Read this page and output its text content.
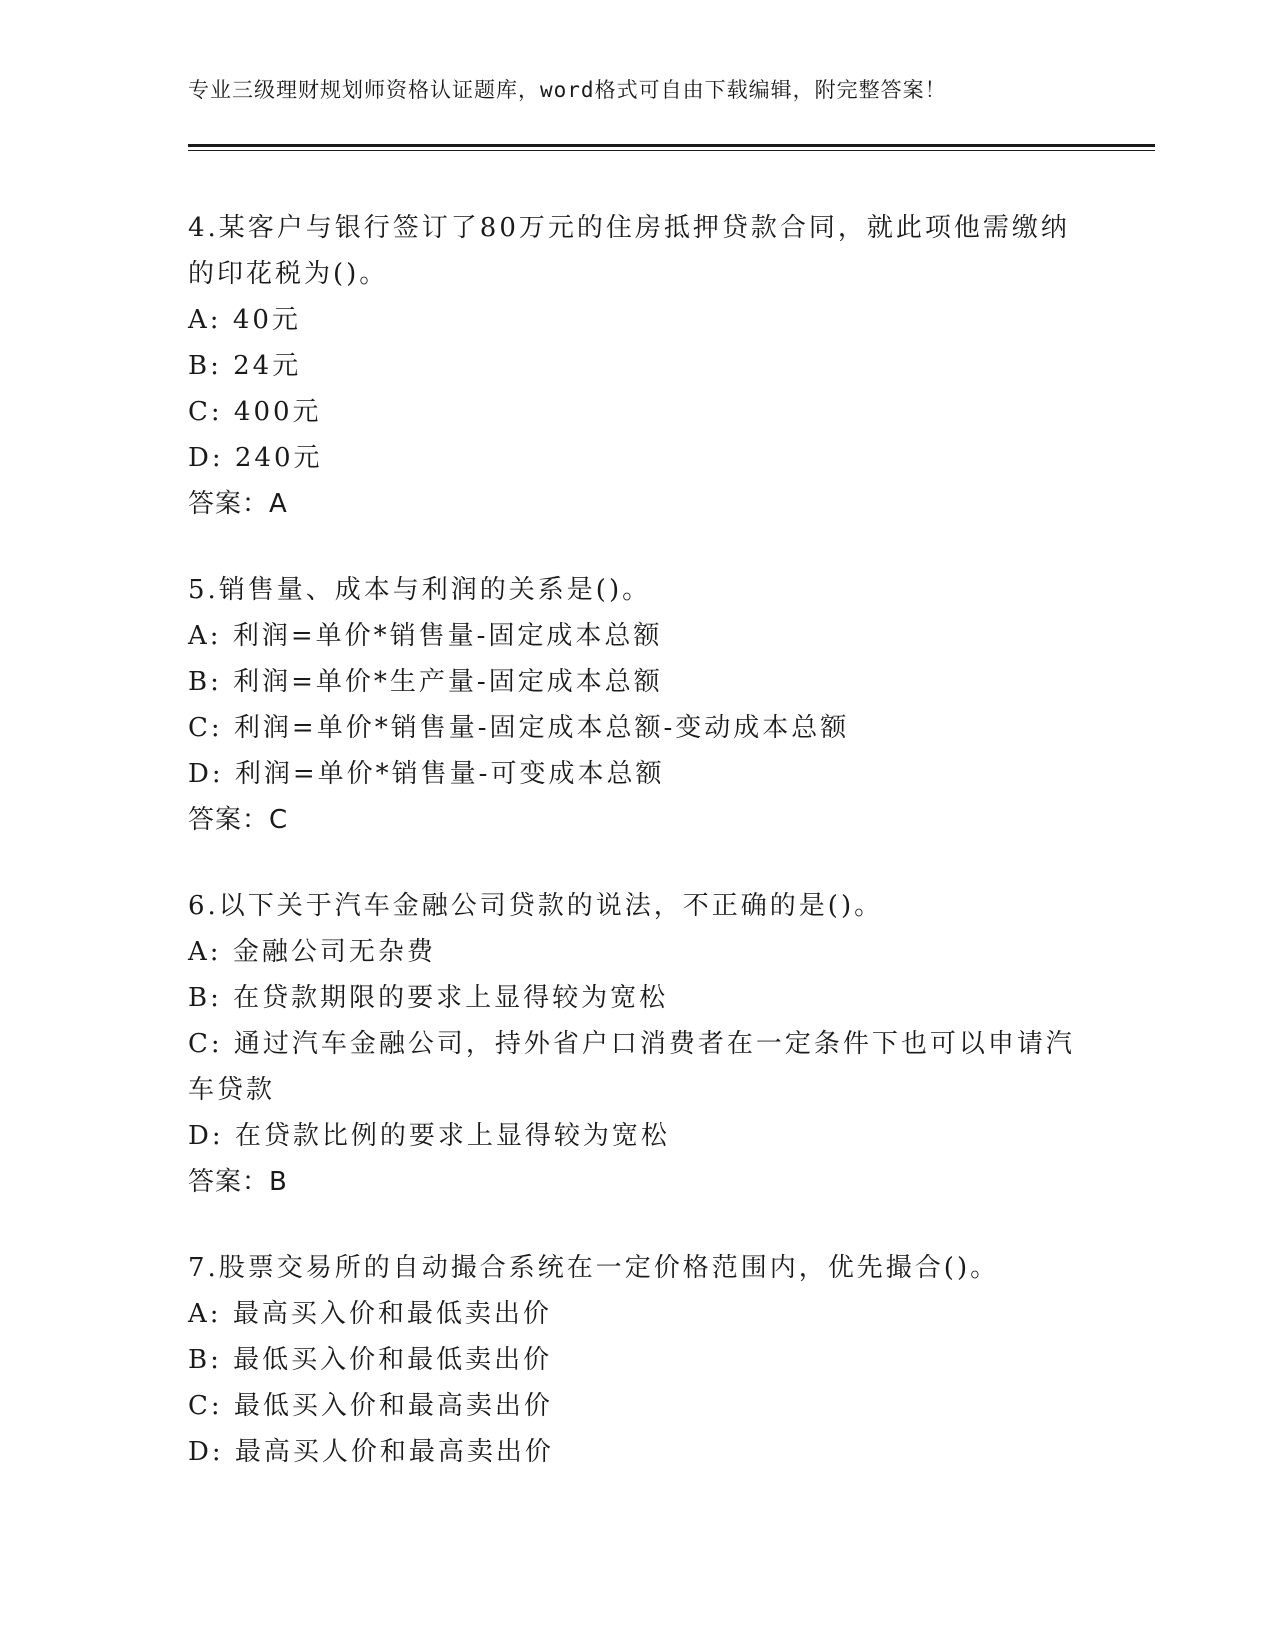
专业三级理财规划师资格认证题库，word格式可自由下载编辑，附完整答案！
4.某客户与银行签订了80万元的住房抵押贷款合同，就此项他需缴纳的印花税为()。
A: 40元
B: 24元
C: 400元
D: 240元
答案：A
5.销售量、成本与利润的关系是()。
A: 利润=单价*销售量-固定成本总额
B: 利润=单价*生产量-固定成本总额
C: 利润=单价*销售量-固定成本总额-变动成本总额
D: 利润=单价*销售量-可变成本总额
答案：C
6.以下关于汽车金融公司贷款的说法，不正确的是()。
A: 金融公司无杂费
B: 在贷款期限的要求上显得较为宽松
C: 通过汽车金融公司，持外省户口消费者在一定条件下也可以申请汽车贷款
D: 在贷款比例的要求上显得较为宽松
答案：B
7.股票交易所的自动撮合系统在一定价格范围内，优先撮合()。
A: 最高买入价和最低卖出价
B: 最低买入价和最低卖出价
C: 最低买入价和最高卖出价
D: 最高买人价和最高卖出价
